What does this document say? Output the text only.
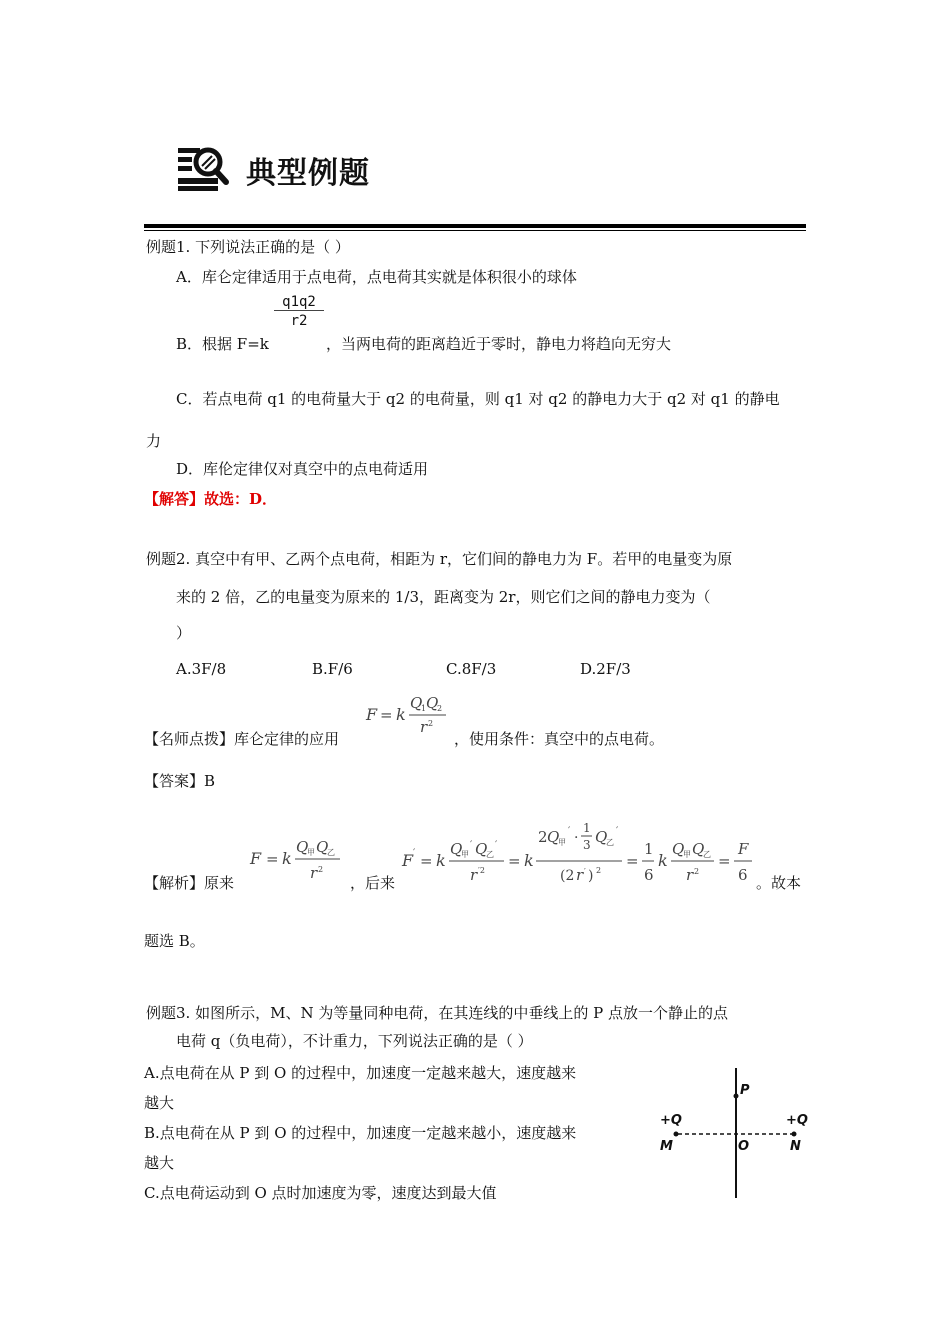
典型例题
例题1. 下列说法正确的是（ ）
A．库仑定律适用于点电荷，点电荷其实就是体积很小的球体
$\frac{q1q2}{r2}$
B．根据 F=k	，当两电荷的距离趋近于零时，静电力将趋向无穷大
C．若点电荷 q1 的电荷量大于 q2 的电荷量，则 q1 对 q2 的静电力大于 q2 对 q1 的静电
力
D．库伦定律仅对真空中的点电荷适用
【解答】故选：D．
例题2. 真空中有甲、乙两个点电荷，相距为 r，它们间的静电力为 F。若甲的电量变为原
来的 2 倍，乙的电量变为原来的 1/3，距离变为 2r，则它们之间的静电力变为（
）
A.3F/8	B.F/6	C.8F/3	D.2F/3
【名师点拨】库仑定律的应用
F = k
Q
1 Q
2
r 2
，使用条件：真空中的点电荷。
【答案】B
【解析】原来
F = k
Q
甲 Q
乙
r 2
，后来
F ′ = k
Q
甲
′ Q
乙
′
r ′2
= k
2 Q
甲
′ ·
1
3 Q
乙
′
(2 r ′ ) 2
=
1
6
k
Q
甲 Q
乙
r 2
=
F
6 。故本
题选 B。
例题3. 如图所示，M、N 为等量同种电荷，在其连线的中垂线上的 P 点放一个静止的点
电荷 q（负电荷），不计重力，下列说法正确的是（ ）
A.点电荷在从 P 到 O 的过程中，加速度一定越来越大，速度越来
越大
B.点电荷在从 P 到 O 的过程中，加速度一定越来越小，速度越来
越大
C.点电荷运动到 O 点时加速度为零，速度达到最大值
P
+Q	+Q
M	O	N
